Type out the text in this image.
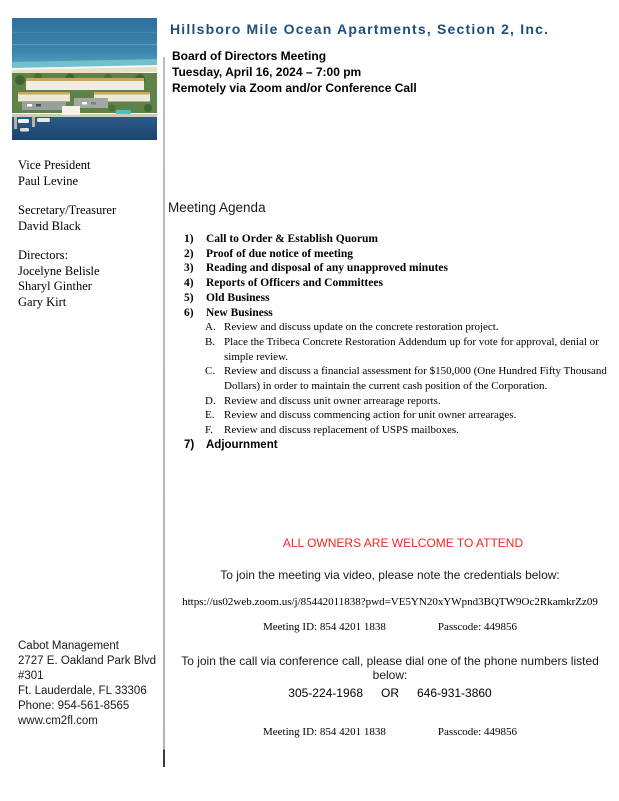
Hillsboro Mile Ocean Apartments, Section 2, Inc.
Board of Directors Meeting
Tuesday, April 16, 2024 – 7:00 pm
Remotely via Zoom and/or Conference Call
Vice President
Paul Levine
Secretary/Treasurer
David Black
Directors:
Jocelyne Belisle
Sharyl Ginther
Gary Kirt
Meeting Agenda
1)	Call to Order & Establish Quorum
2)	Proof of due notice of meeting
3)	Reading and disposal of any unapproved minutes
4)	Reports of Officers and Committees
5)	Old Business
6)	New Business
A. Review and discuss update on the concrete restoration project.
B. Place the Tribeca Concrete Restoration Addendum up for vote for approval, denial or simple review.
C. Review and discuss a financial assessment for $150,000 (One Hundred Fifty Thousand Dollars) in order to maintain the current cash position of the Corporation.
D. Review and discuss unit owner arrearage reports.
E. Review and discuss commencing action for unit owner arrearages.
F.	Review and discuss replacement of USPS mailboxes.
7)	Adjournment
ALL OWNERS ARE WELCOME TO ATTEND
To join the meeting via video, please note the credentials below:
https://us02web.zoom.us/j/85442011838?pwd=VE5YN20xYWpnd3BQTW9Oc2RkamkrZz09
Meeting ID: 854 4201 1838	Passcode: 449856
To join the call via conference call, please dial one of the phone numbers listed below:
305-224-1968 OR 646-931-3860
Meeting ID: 854 4201 1838	Passcode: 449856
Cabot Management
2727 E. Oakland Park Blvd
#301
Ft. Lauderdale, FL 33306
Phone: 954-561-8565
www.cm2fl.com
